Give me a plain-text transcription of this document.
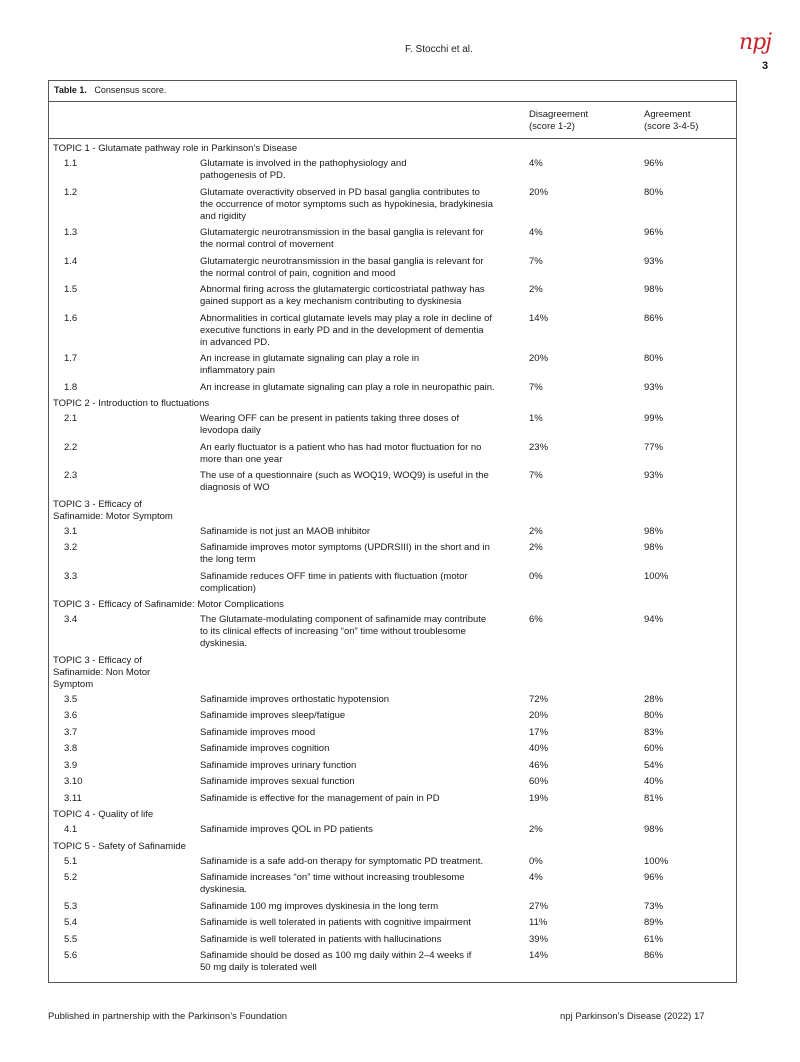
F. Stocchi et al.	npj
3
Table 1. Consensus score.
Disagreement
(score 1-2)
Agreement
(score 3-4-5)
TOPIC 1 - Glutamate pathway role in Parkinson’s Disease
1.1	Glutamate is involved in the pathophysiology and
pathogenesis of PD.
4%	96%
1.2	Glutamate overactivity observed in PD basal ganglia contributes to
the occurrence of motor symptoms such as hypokinesia, bradykinesia
and rigidity
20%	80%
1.3	Glutamatergic neurotransmission in the basal ganglia is relevant for
the normal control of movement
4%	96%
1.4	Glutamatergic neurotransmission in the basal ganglia is relevant for
the normal control of pain, cognition and mood
7%	93%
1.5	Abnormal firing across the glutamatergic corticostriatal pathway has
gained support as a key mechanism contributing to dyskinesia
2%	98%
1.6	Abnormalities in cortical glutamate levels may play a role in decline of
executive functions in early PD and in the development of dementia
in advanced PD.
14%	86%
1.7	An increase in glutamate signaling can play a role in
inflammatory pain
20%	80%
1.8	An increase in glutamate signaling can play a role in neuropathic pain.	7%	93%
TOPIC 2 - Introduction to fluctuations
2.1	Wearing OFF can be present in patients taking three doses of
levodopa daily
1%	99%
2.2	An early fluctuator is a patient who has had motor fluctuation for no
more than one year
23%	77%
2.3	The use of a questionnaire (such as WOQ19, WOQ9) is useful in the
diagnosis of WO
7%	93%
TOPIC 3 - Efficacy of
Safinamide: Motor Symptom
3.1	Safinamide is not just an MAOB inhibitor	2%	98%
3.2	Safinamide improves motor symptoms (UPDRSIII) in the short and in
the long term
2%	98%
3.3	Safinamide reduces OFF time in patients with fluctuation (motor
complication)
0%	100%
TOPIC 3 - Efficacy of Safinamide: Motor Complications
3.4	The Glutamate-modulating component of safinamide may contribute
to its clinical effects of increasing “on” time without troublesome
dyskinesia.
6%	94%
TOPIC 3 - Efficacy of
Safinamide: Non Motor
Symptom
3.5	Safinamide improves orthostatic hypotension	72%	28%
3.6	Safinamide improves sleep/fatigue	20%	80%
3.7	Safinamide improves mood	17%	83%
3.8	Safinamide improves cognition	40%	60%
3.9	Safinamide improves urinary function	46%	54%
3.10	Safinamide improves sexual function	60%	40%
3.11	Safinamide is effective for the management of pain in PD	19%	81%
TOPIC 4 - Quality of life
4.1	Safinamide improves QOL in PD patients	2%	98%
TOPIC 5 - Safety of Safinamide
5.1	Safinamide is a safe add-on therapy for symptomatic PD treatment.	0%	100%
5.2	Safinamide increases “on” time without increasing troublesome
dyskinesia.
4%	96%
5.3	Safinamide 100 mg improves dyskinesia in the long term	27%	73%
5.4	Safinamide is well tolerated in patients with cognitive impairment	11%	89%
5.5	Safinamide is well tolerated in patients with hallucinations	39%	61%
5.6	Safinamide should be dosed as 100 mg daily within 2–4 weeks if
50 mg daily is tolerated well
14%	86%
Published in partnership with the Parkinson’s Foundation	npj Parkinson’s Disease (2022) 17
